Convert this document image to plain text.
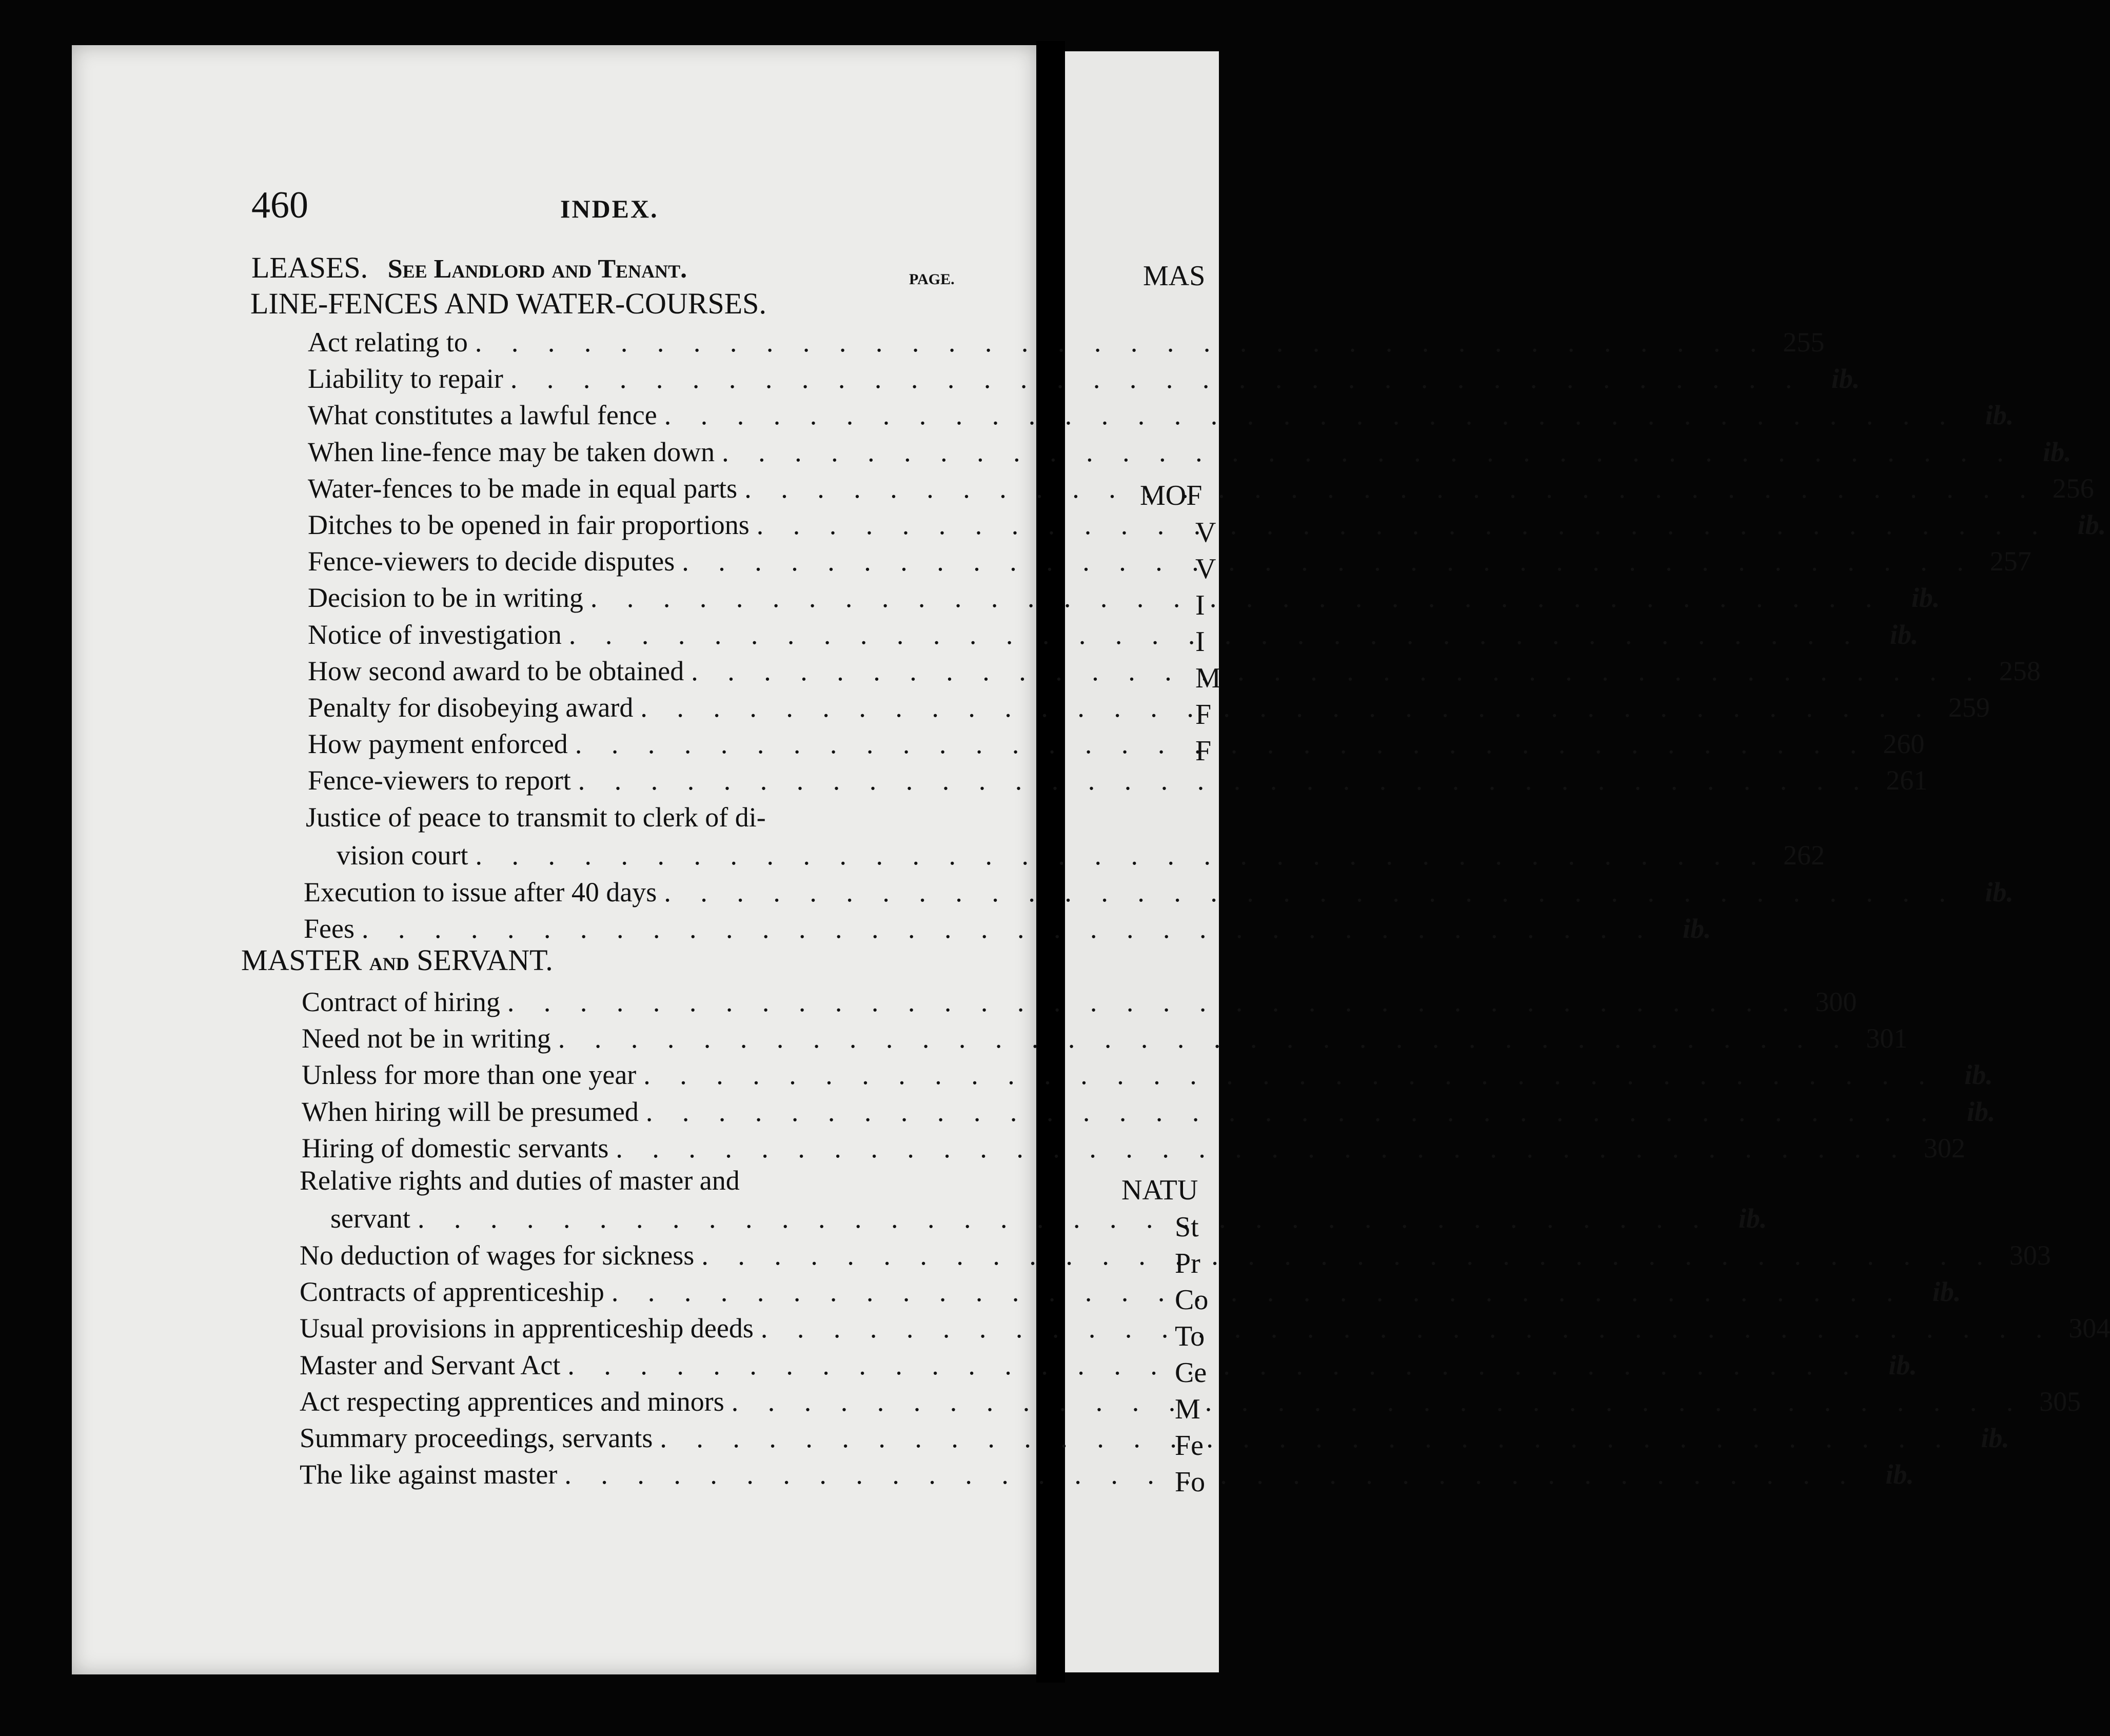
460	INDEX.
PAGE.
LEASES. See Landlord and Tenant.
LINE-FENCES AND WATER-COURSES.
Act relating to . . .	255
Liability to repair . . .	ib.
What constitutes a lawful fence . . .	ib.
When line-fence may be taken down . . .	ib.
Water-fences to be made in equal parts . . .	256
Ditches to be opened in fair proportions . . .	ib.
Fence-viewers to decide disputes . . .	257
Decision to be in writing . . .	ib.
Notice of investigation . . .	ib.
How second award to be obtained . . .	258
Penalty for disobeying award . . .	259
How payment enforced . . .	260
Fence-viewers to report . . .	261
Justice of peace to transmit to clerk of di-
vision court . . .	262
Execution to issue after 40 days . . .	ib.
Fees . . .	ib.
MASTER and SERVANT.
Contract of hiring . . .	300
Need not be in writing . . .	301
Unless for more than one year . . .	ib.
When hiring will be presumed . . .	ib.
Hiring of domestic servants . . .	302
Relative rights and duties of master and
servant . . .	ib.
No deduction of wages for sickness . . .	303
Contracts of apprenticeship . . .	ib.
Usual provisions in apprenticeship deeds . . .	304
Master and Servant Act . . .	ib.
Act respecting apprentices and minors . . .	305
Summary proceedings, servants . . .	ib.
The like against master . . .	ib.
MAS
MOF
NATU
V
V
I
I
M
F
F
St
Pr
Co
To
Ce
M
Fe
Fo
